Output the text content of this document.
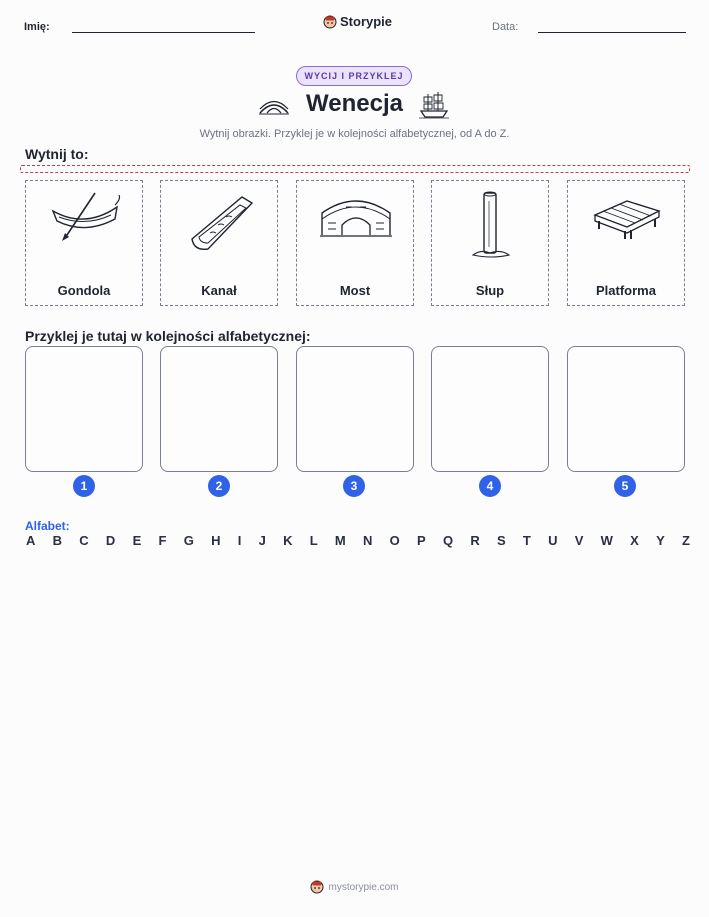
Imię:	Storypie	Data:
WYCIJ I PRZYKLEJ
Wenecja
Wytnij obrazki. Przyklej je w kolejności alfabetycznej, od A do Z.
Wytnij to:
Gondola	Kanał	Most	Słup	Platforma
Przyklej je tutaj w kolejności alfabetycznej:
1	2	3	4	5
Alfabet:
A B C D E F G H I J K L M N O P Q R S T U V W X Y Z
mystorypie.com
